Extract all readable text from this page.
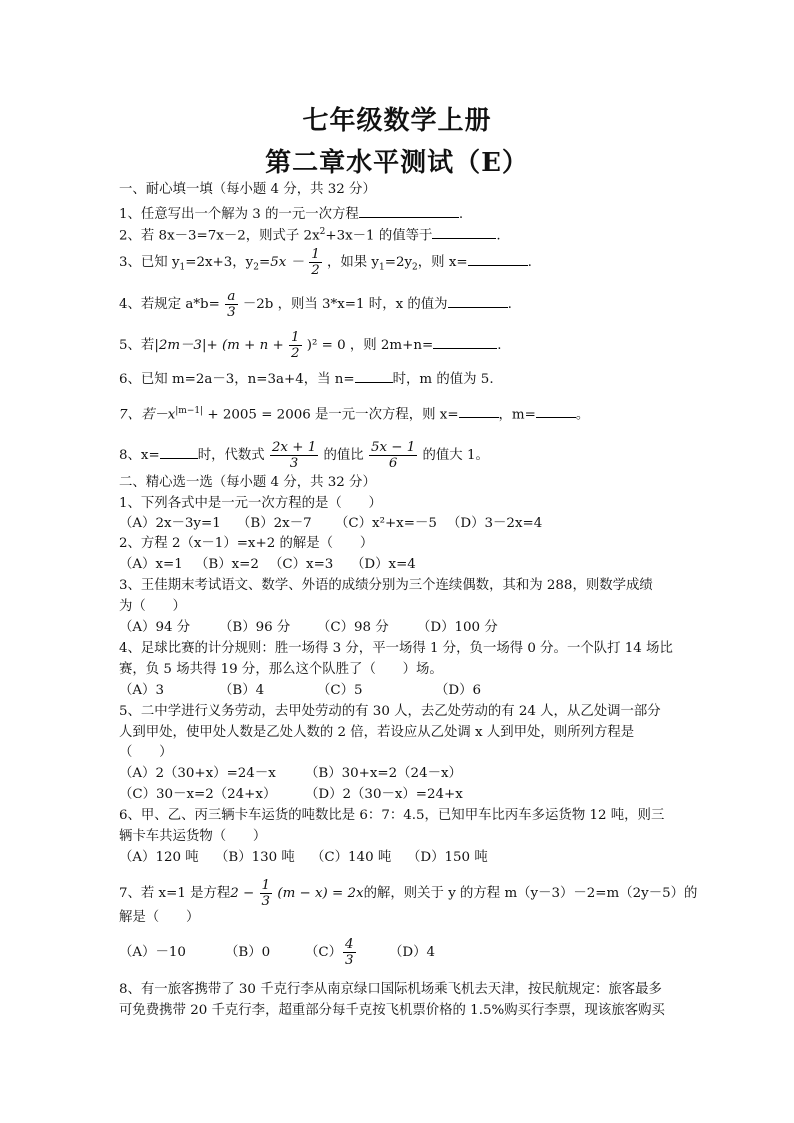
七年级数学上册
第二章水平测试（E）
一、耐心填一填（每小题 4 分，共 32 分）
1、任意写出一个解为 3 的一元一次方程	.
2、若 8x－3=7x－2，则式子 $2x^2+3x-1$ 的值等于	.
3、已知 $y_1=2x+3$，$y_2=5x - \frac{1}{2}$ ，如果 $y_1=2y_2$，则 x=	.
4、若规定 $a*b= \frac{a}{3} -2b$ ，则当 3*x=1 时，x 的值为	.
5、若$|2m-3|+ (m + n + \frac{1}{2} )^2 = 0$ ，则 2m+n=	.
6、已知 m=2a－3，n=3a+4，当 n=	时，m 的值为 5.
7、若$-x^{|m-1|} + 2005 = 2006$ 是一元一次方程，则 x=	，m=	。
8、x=	时，代数式 $\frac{2x + 1}{3}$ 的值比 $\frac{5x - 1}{6}$ 的值大 1。
二、精心选一选（每小题 4 分，共 32 分）
1、下列各式中是一元一次方程的是（　　）
（A）2x－3y=1 （B）2x－7 （C）x²+x=－5 （D）3－2x=4
2、方程 2（x－1）=x+2 的解是（　　）
（A）x=1 （B）x=2 （C）x=3 （D）x=4
3、王佳期末考试语文、数学、外语的成绩分别为三个连续偶数，其和为 288，则数学成绩
为（　　）
（A）94 分 （B）96 分 （C）98 分 （D）100 分
4、足球比赛的计分规则：胜一场得 3 分，平一场得 1 分，负一场得 0 分。一个队打 14 场比
赛，负 5 场共得 19 分，那么这个队胜了（　　）场。
（A）3	（B）4	（C）5	（D）6
5、二中学进行义务劳动，去甲处劳动的有 30 人，去乙处劳动的有 24 人，从乙处调一部分
人到甲处，使甲处人数是乙处人数的 2 倍，若设应从乙处调 x 人到甲处，则所列方程是
（　　）
（A）2（30+x）=24－x （B）30+x=2（24－x）
（C）30－x=2（24+x） （D）2（30－x）=24+x
6、甲、乙、丙三辆卡车运货的吨数比是 6：7：4.5，已知甲车比丙车多运货物 12 吨，则三
辆卡车共运货物（　　）
（A）120 吨 （B）130 吨 （C）140 吨 （D）150 吨
7、若 x=1 是方程$2 - \frac{1}{3} (m - x) = 2x$的解，则关于 y 的方程 m（y－3）－2=m（2y－5）的
解是（　　）
（A）－10	（B）0	$(C) \frac{4}{3} (D)4$
8、有一旅客携带了 30 千克行李从南京绿口国际机场乘飞机去天津，按民航规定：旅客最多
可免费携带 20 千克行李，超重部分每千克按飞机票价格的 1.5%购买行李票，现该旅客购买
